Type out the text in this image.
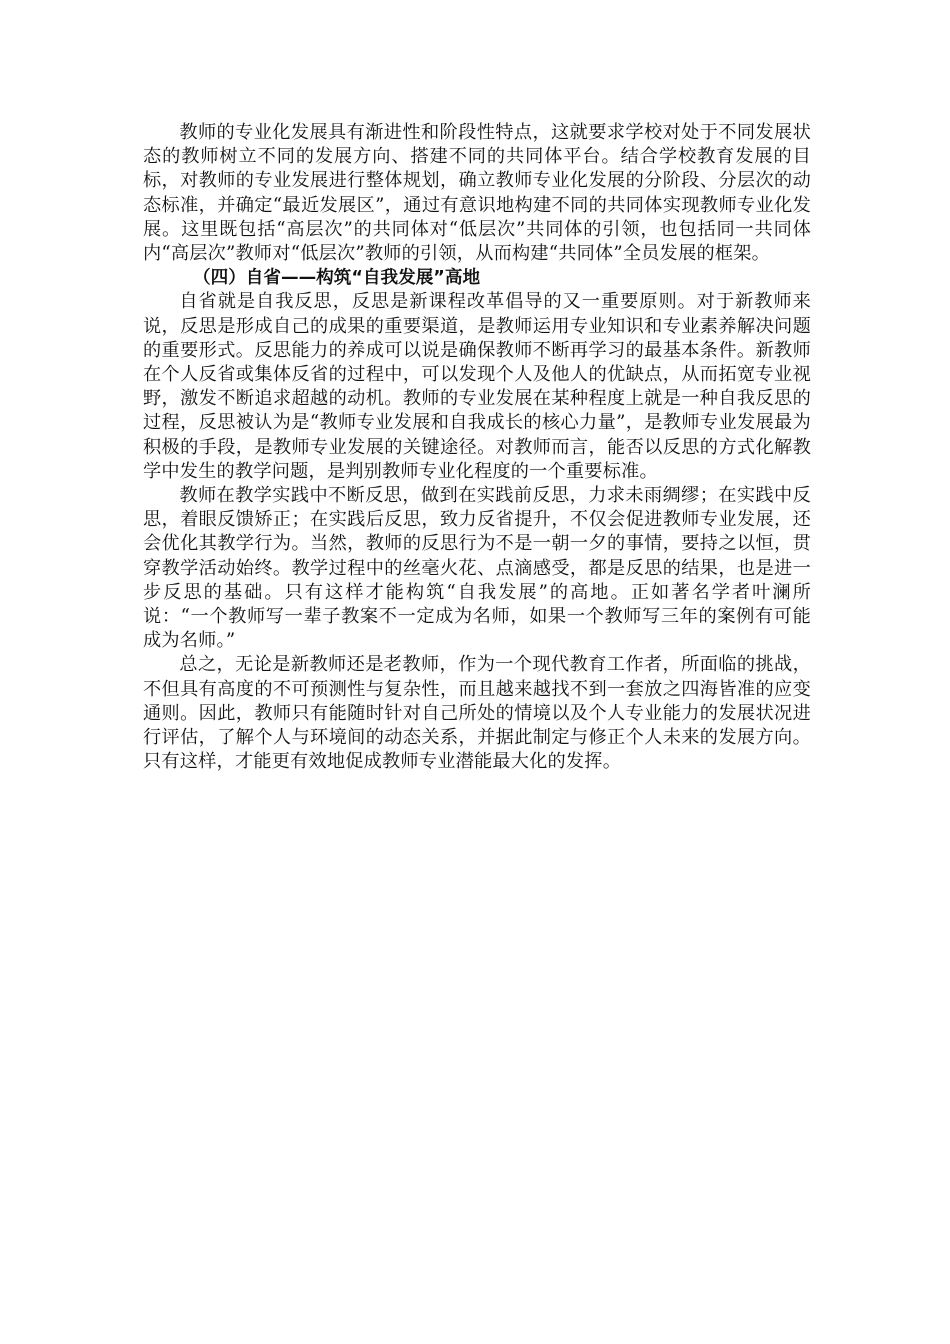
教师的专业化发展具有渐进性和阶段性特点，这就要求学校对处于不同发展状态的教师树立不同的发展方向、搭建不同的共同体平台。结合学校教育发展的目标，对教师的专业发展进行整体规划，确立教师专业化发展的分阶段、分层次的动态标准，并确定“最近发展区”，通过有意识地构建不同的共同体实现教师专业化发展。这里既包括“高层次”的共同体对“低层次”共同体的引领，也包括同一共同体内“高层次”教师对“低层次”教师的引领，从而构建“共同体”全员发展的框架。

（四）自省——构筑“自我发展”高地

自省就是自我反思，反思是新课程改革倡导的又一重要原则。对于新教师来说，反思是形成自己的成果的重要渠道，是教师运用专业知识和专业素养解决问题的重要形式。反思能力的养成可以说是确保教师不断再学习的最基本条件。新教师在个人反省或集体反省的过程中，可以发现个人及他人的优缺点，从而拓宽专业视野，激发不断追求超越的动机。教师的专业发展在某种程度上就是一种自我反思的过程，反思被认为是“教师专业发展和自我成长的核心力量”，是教师专业发展最为积极的手段，是教师专业发展的关键途径。对教师而言，能否以反思的方式化解教学中发生的教学问题，是判别教师专业化程度的一个重要标准。

教师在教学实践中不断反思，做到在实践前反思，力求未雨绸缪；在实践中反思，着眼反馈矫正；在实践后反思，致力反省提升，不仅会促进教师专业发展，还会优化其教学行为。当然，教师的反思行为不是一朝一夕的事情，要持之以恒，贯穿教学活动始终。教学过程中的丝毫火花、点滴感受，都是反思的结果，也是进一步反思的基础。只有这样才能构筑“自我发展”的高地。正如著名学者叶澜所说：“一个教师写一辈子教案不一定成为名师，如果一个教师写三年的案例有可能成为名师。”

总之，无论是新教师还是老教师，作为一个现代教育工作者，所面临的挑战，不但具有高度的不可预测性与复杂性，而且越来越找不到一套放之四海皆准的应变通则。因此，教师只有能随时针对自己所处的情境以及个人专业能力的发展状况进行评估，了解个人与环境间的动态关系，并据此制定与修正个人未来的发展方向。只有这样，才能更有效地促成教师专业潜能最大化的发挥。
